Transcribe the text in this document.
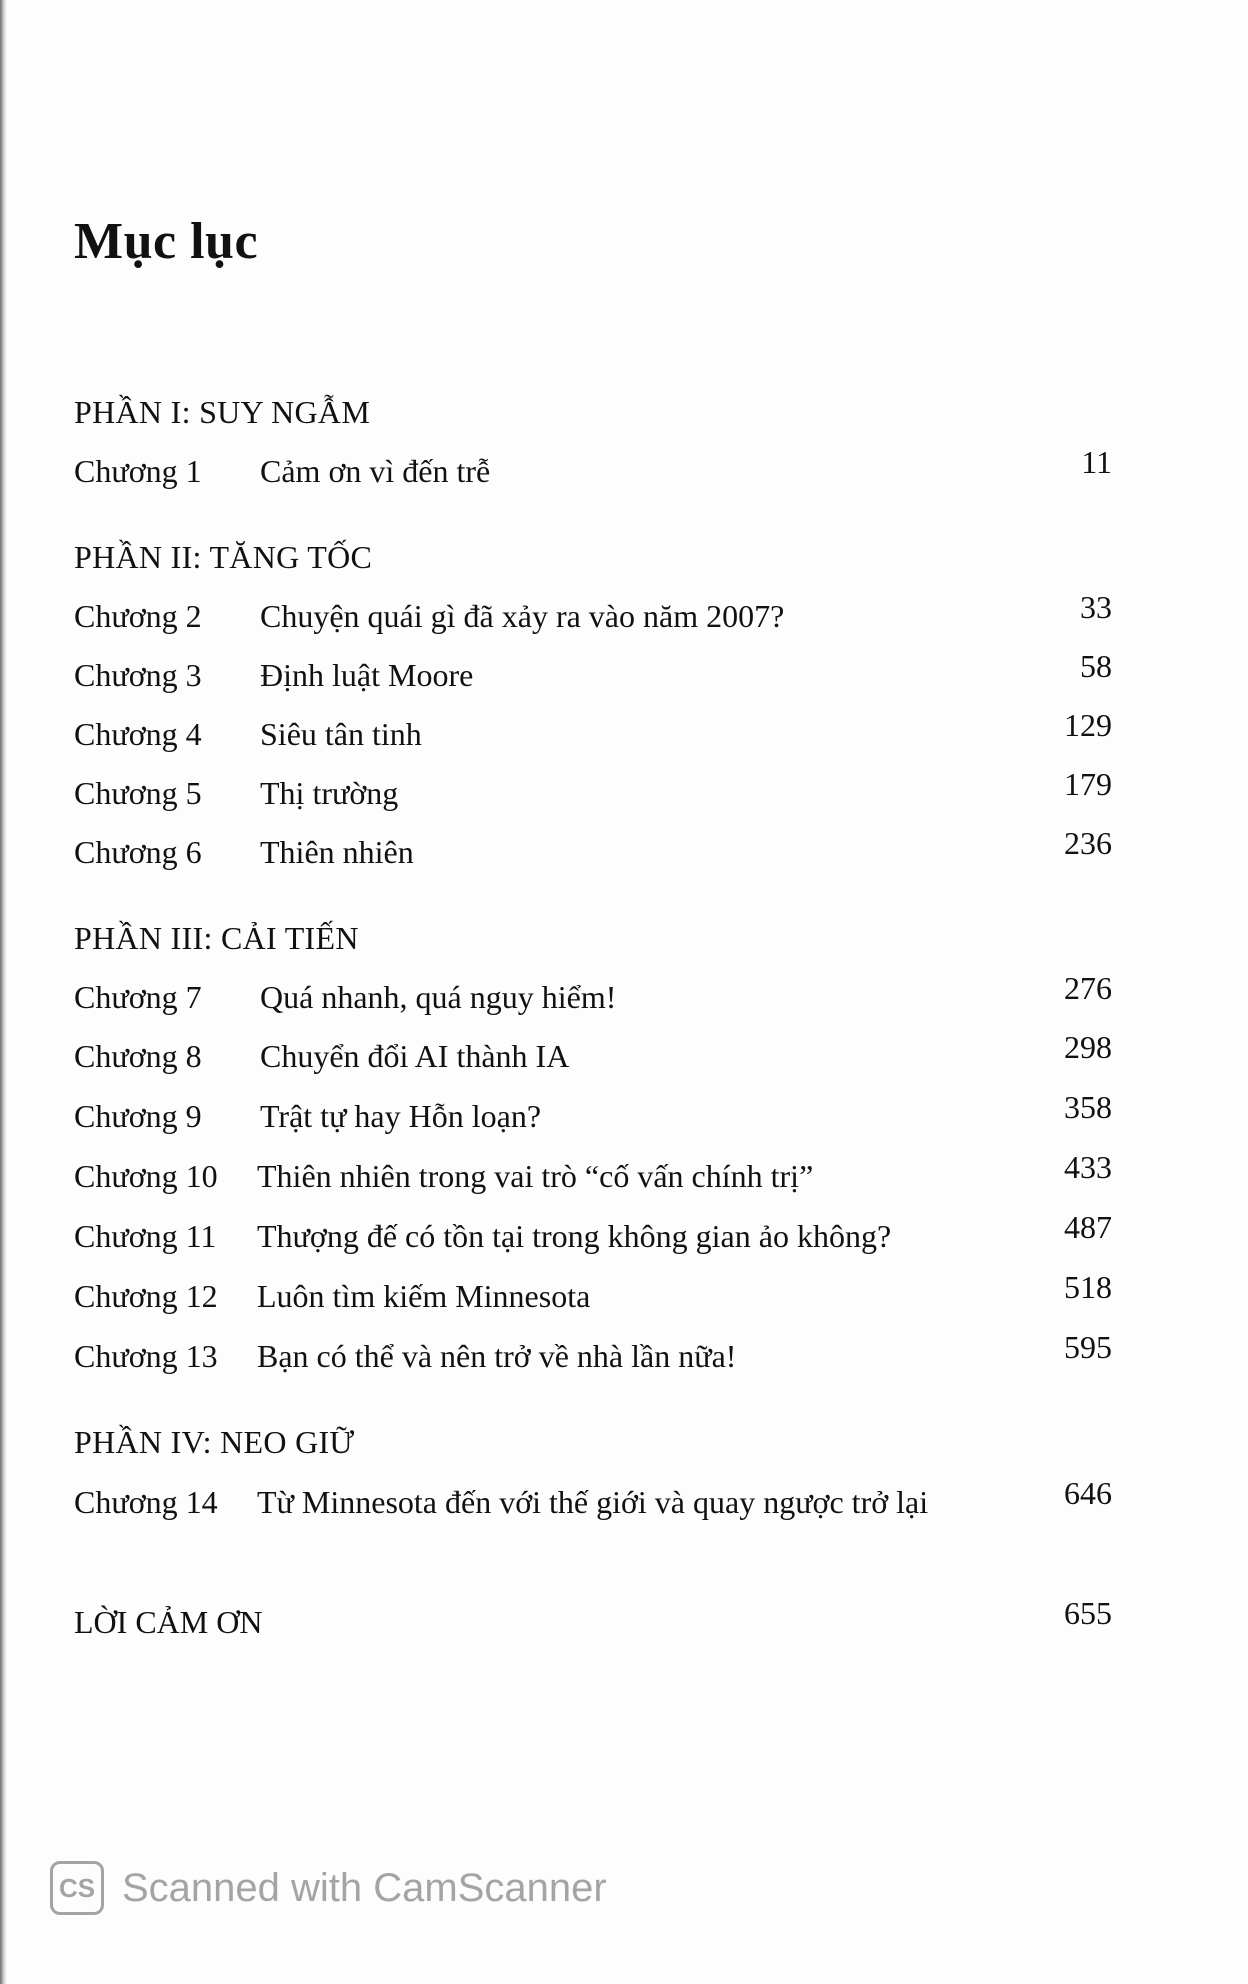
Mục lục
PHẦN I: SUY NGẪM
Chương 1 Cảm ơn vì đến trễ	11
PHẦN II: TĂNG TỐC
Chương 2 Chuyện quái gì đã xảy ra vào năm 2007?	33
Chương 3 Định luật Moore	58
Chương 4 Siêu tân tinh	129
Chương 5 Thị trường	179
Chương 6 Thiên nhiên	236
PHẦN III: CẢI TIẾN
Chương 7 Quá nhanh, quá nguy hiểm!	276
Chương 8 Chuyển đổi AI thành IA	298
Chương 9 Trật tự hay Hỗn loạn?	358
Chương 10 Thiên nhiên trong vai trò “cố vấn chính trị”	433
Chương 11 Thượng đế có tồn tại trong không gian ảo không?	487
Chương 12 Luôn tìm kiếm Minnesota	518
Chương 13 Bạn có thể và nên trở về nhà lần nữa!	595
PHẦN IV: NEO GIỮ
Chương 14 Từ Minnesota đến với thế giới và quay ngược trở lại	646
LỜI CẢM ƠN	655
CS Scanned with CamScanner
